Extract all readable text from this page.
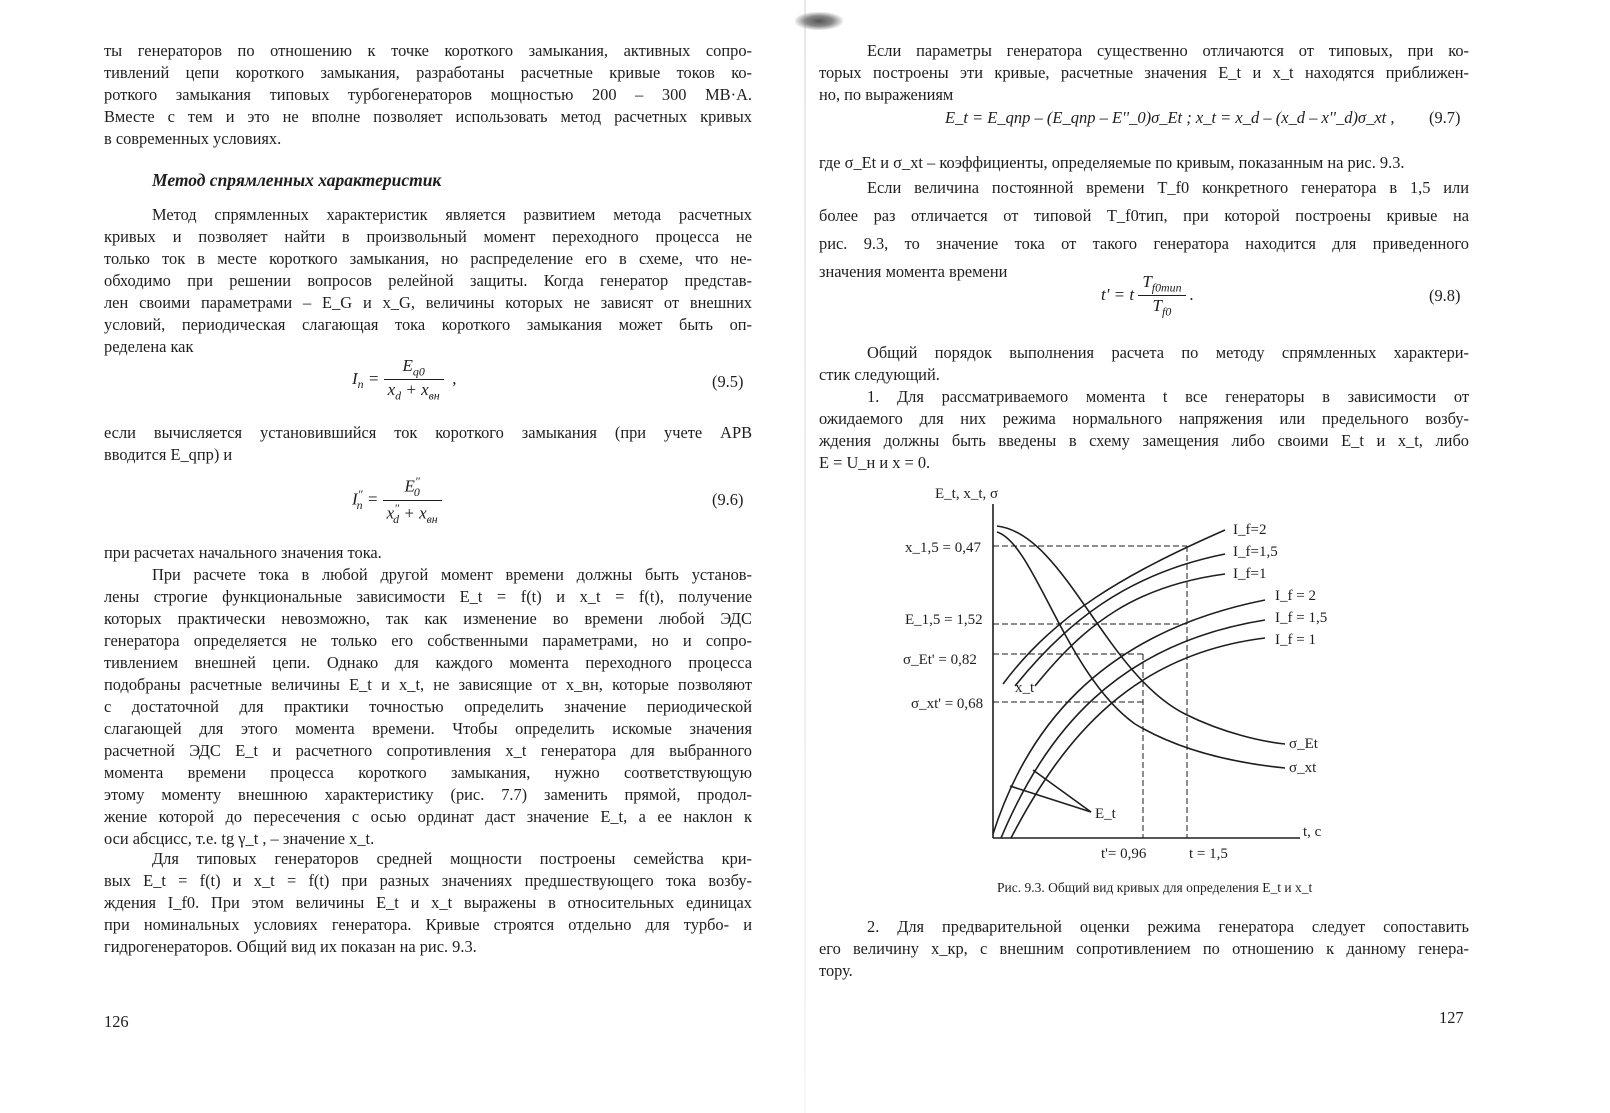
ты генераторов по отношению к точке короткого замыкания, активных сопро-
тивлений цепи короткого замыкания, разработаны расчетные кривые токов ко-
роткого замыкания типовых турбогенераторов мощностью 200 – 300 МВ·А.
Вместе с тем и это не вполне позволяет использовать метод расчетных кривых
в современных условиях.
Метод спрямленных характеристик
Метод спрямленных характеристик является развитием метода расчетных
кривых и позволяет найти в произвольный момент переходного процесса не
только ток в месте короткого замыкания, но распределение его в схеме, что не-
обходимо при решении вопросов релейной защиты. Когда генератор представ-
лен своими параметрами – E_G и x_G, величины которых не зависят от внешних
условий, периодическая слагающая тока короткого замыкания может быть оп-
ределена как
$I_п = \frac{E_{q0}}{x_d + x_{вн}}$ ,	(9.5)
если вычисляется установившийся ток короткого замыкания (при учете АРВ
вводится E_qпр) и
$I^"_п = \frac{E^"_0}{x^"_d + x_{вн}}$	(9.6)
при расчетах начального значения тока.
При расчете тока в любой другой момент времени должны быть установ-
лены строгие функциональные зависимости E_t = f(t) и x_t = f(t), получение
которых практически невозможно, так как изменение во времени любой ЭДС
генератора определяется не только его собственными параметрами, но и сопро-
тивлением внешней цепи. Однако для каждого момента переходного процесса
подобраны расчетные величины E_t и x_t, не зависящие от x_вн, которые позволяют
с достаточной для практики точностью определить значение периодической
слагающей для этого момента времени. Чтобы определить искомые значения
расчетной ЭДС E_t и расчетного сопротивления x_t генератора для выбранного
момента времени процесса короткого замыкания, нужно соответствующую
этому моменту внешнюю характеристику (рис. 7.7) заменить прямой, продол-
жение которой до пересечения с осью ординат даст значение E_t, а ее наклон к
оси абсцисс, т.е. tg γ_t , – значение x_t.
Для типовых генераторов средней мощности построены семейства кри-
вых E_t = f(t) и x_t = f(t) при разных значениях предшествующего тока возбу-
ждения I_f0. При этом величины E_t и x_t выражены в относительных единицах
при номинальных условиях генератора. Кривые строятся отдельно для турбо- и
гидрогенераторов. Общий вид их показан на рис. 9.3.
126
Если параметры генератора существенно отличаются от типовых, при ко-
торых построены эти кривые, расчетные значения E_t и x_t находятся приближен-
но, по выражениям
E_t = E_qпр – (E_qпр – E''_0)σ_Et ; x_t = x_d – (x_d – x''_d)σ_xt , (9.7)
где σ_Et и σ_xt – коэффициенты, определяемые по кривым, показанным на рис. 9.3.
Если величина постоянной времени T_f0 конкретного генератора в 1,5 или
более раз отличается от типовой T_f0тип, при которой построены кривые на
рис. 9.3, то значение тока от такого генератора находится для приведенного
значения момента времени
t' = t $\frac{T_{f0тип}}{T_{f0}}$ .	(9.8)
Общий порядок выполнения расчета по методу спрямленных характери-
стик следующий.
1. Для рассматриваемого момента t все генераторы в зависимости от
ожидаемого для них режима нормального напряжения или предельного возбу-
ждения должны быть введены в схему замещения либо своими E_t и x_t, либо
E = U_н и x = 0.
E_t, x_t, σ
t, c
x_1,5 = 0,47
E_1,5 = 1,52
σ_Et' = 0,82
σ_xt' = 0,68
t'= 0,96	t = 1,5
I_f=2
I_f=1,5
I_f=1
I_f = 2
I_f = 1,5
I_f = 1
x_t
E_t
σ_Et
σ_xt
Рис. 9.3. Общий вид кривых для определения E_t и x_t
2. Для предварительной оценки режима генератора следует сопоставить
его величину x_кр, с внешним сопротивлением по отношению к данному генера-
тору.
127
